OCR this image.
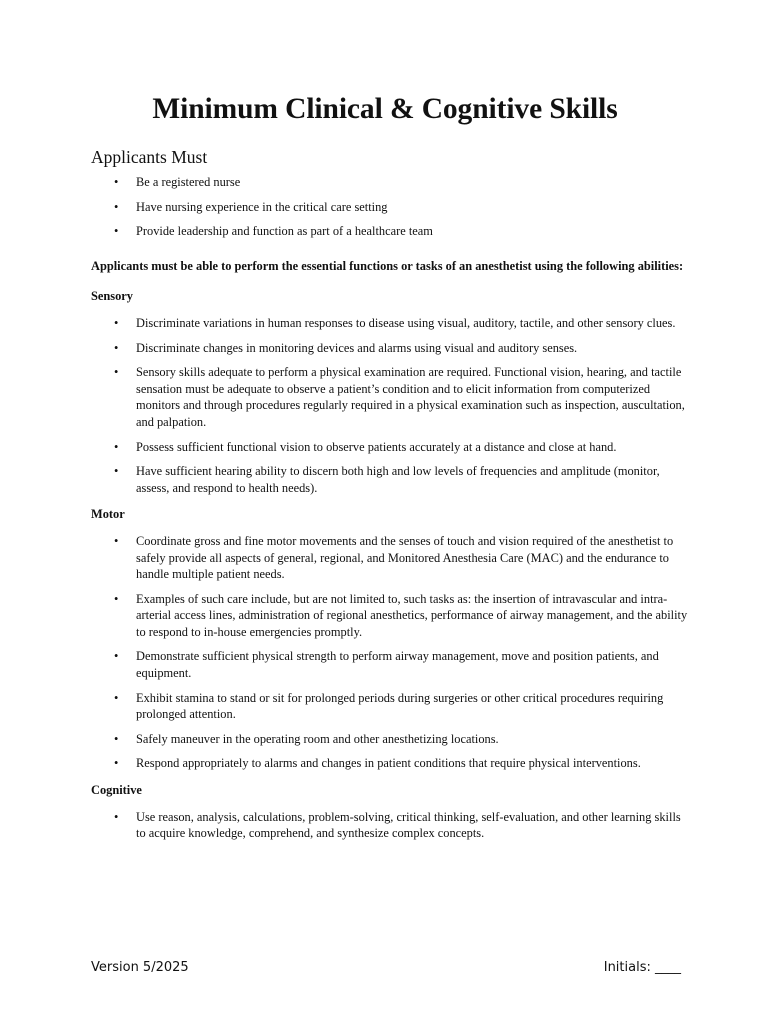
Minimum Clinical & Cognitive Skills
Applicants Must
• Be a registered nurse
• Have nursing experience in the critical care setting
• Provide leadership and function as part of a healthcare team
Applicants must be able to perform the essential functions or tasks of an anesthetist using the following abilities:
Sensory
• Discriminate variations in human responses to disease using visual, auditory, tactile, and other sensory clues.
• Discriminate changes in monitoring devices and alarms using visual and auditory senses.
• Sensory skills adequate to perform a physical examination are required. Functional vision, hearing, and tactile sensation must be adequate to observe a patient’s condition and to elicit information from computerized monitors and through procedures regularly required in a physical examination such as inspection, auscultation, and palpation.
• Possess sufficient functional vision to observe patients accurately at a distance and close at hand.
• Have sufficient hearing ability to discern both high and low levels of frequencies and amplitude (monitor, assess, and respond to health needs).
Motor
• Coordinate gross and fine motor movements and the senses of touch and vision required of the anesthetist to safely provide all aspects of general, regional, and Monitored Anesthesia Care (MAC) and the endurance to handle multiple patient needs.
• Examples of such care include, but are not limited to, such tasks as: the insertion of intravascular and intra-arterial access lines, administration of regional anesthetics, performance of airway management, and the ability to respond to in-house emergencies promptly.
• Demonstrate sufficient physical strength to perform airway management, move and position patients, and equipment.
• Exhibit stamina to stand or sit for prolonged periods during surgeries or other critical procedures requiring prolonged attention.
• Safely maneuver in the operating room and other anesthetizing locations.
• Respond appropriately to alarms and changes in patient conditions that require physical interventions.
Cognitive
• Use reason, analysis, calculations, problem-solving, critical thinking, self-evaluation, and other learning skills to acquire knowledge, comprehend, and synthesize complex concepts.
Version 5/2025	Initials: ____
